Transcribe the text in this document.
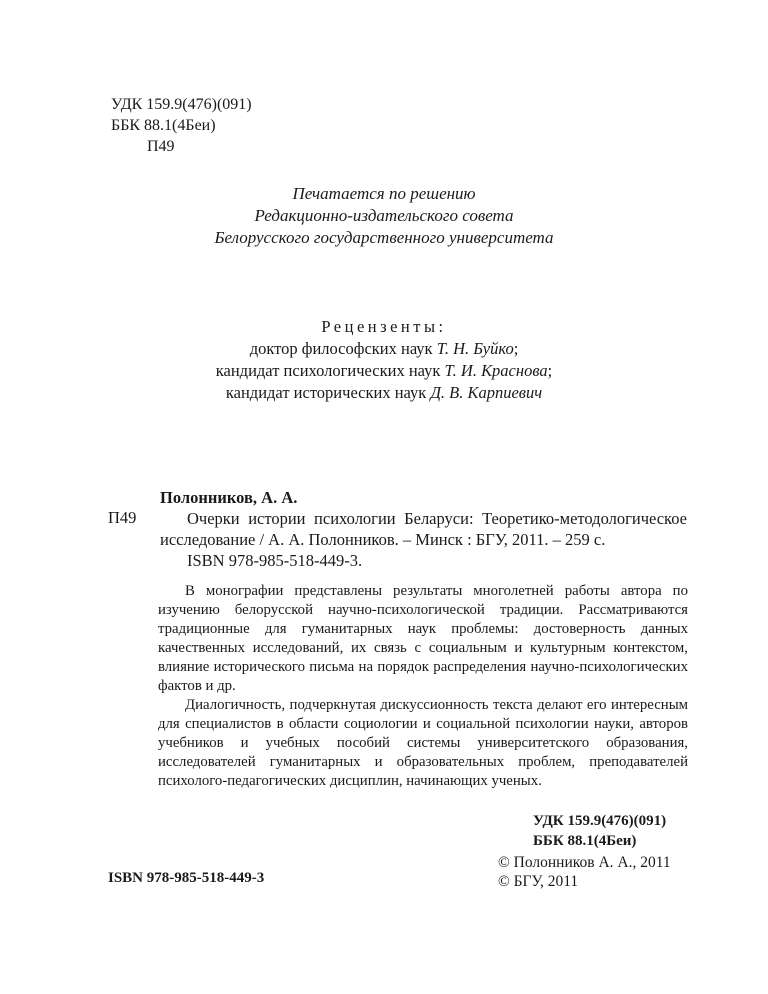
УДК 159.9(476)(091)
ББК 88.1(4Беи)
П49
Печатается по решению
Редакционно-издательского совета
Белорусского государственного университета
Рецензенты:
доктор философских наук Т. Н. Буйко;
кандидат психологических наук Т. И. Краснова;
кандидат исторических наук Д. В. Карпиевич
П49
Полонников, А. А.
Очерки истории психологии Беларуси: Теоретико-методологическое исследование / А. А. Полонников. – Минск : БГУ, 2011. – 259 с.
ISBN 978-985-518-449-3.

В монографии представлены результаты многолетней работы автора по изучению белорусской научно-психологической традиции. Рассматриваются традиционные для гуманитарных наук проблемы: достоверность данных качественных исследований, их связь с социальным и культурным контекстом, влияние исторического письма на порядок распределения научно-психологических фактов и др.

Диалогичность, подчеркнутая дискуссионность текста делают его интересным для специалистов в области социологии и социальной психологии науки, авторов учебников и учебных пособий системы университетского образования, исследователей гуманитарных и образовательных проблем, преподавателей психолого-педагогических дисциплин, начинающих ученых.

УДК 159.9(476)(091)
ББК 88.1(4Беи)
ISBN 978-985-518-449-3
© Полонников А. А., 2011
© БГУ, 2011
